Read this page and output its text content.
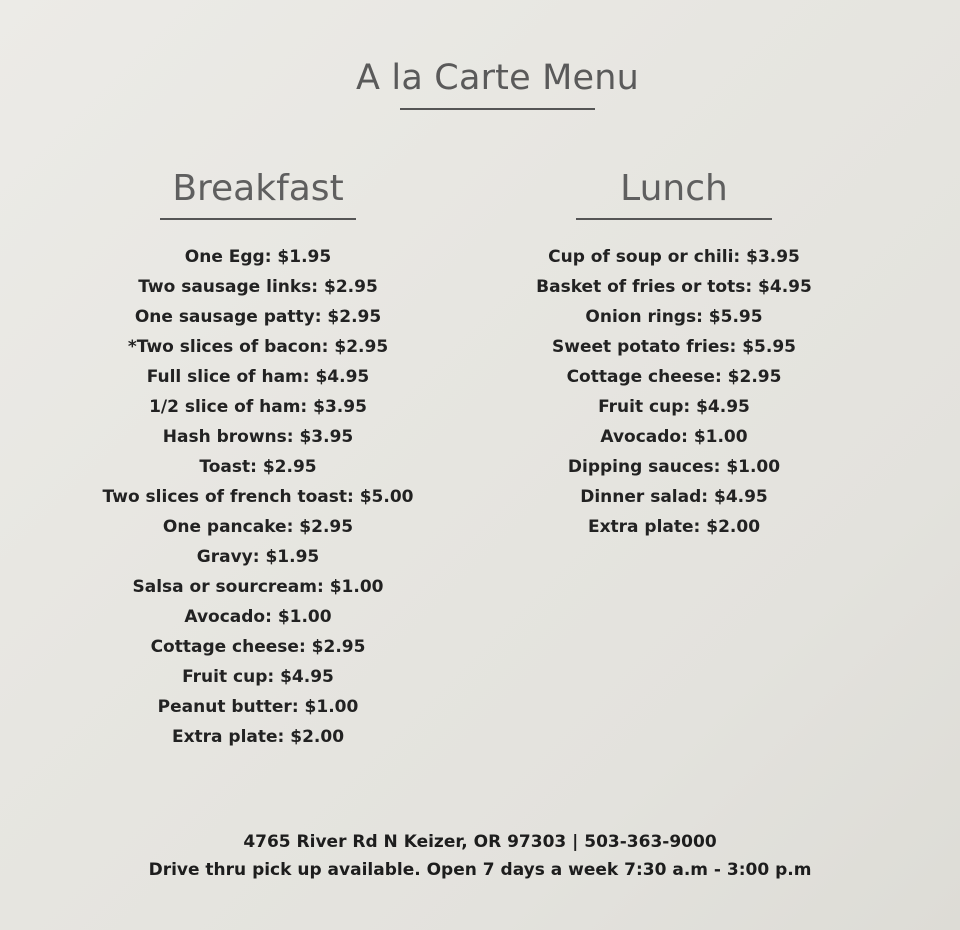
A la Carte Menu
Breakfast
One Egg: $1.95
Two sausage links: $2.95
One sausage patty: $2.95
*Two slices of bacon: $2.95
Full slice of ham: $4.95
1/2 slice of ham: $3.95
Hash browns: $3.95
Toast: $2.95
Two slices of french toast: $5.00
One pancake: $2.95
Gravy: $1.95
Salsa or sourcream: $1.00
Avocado: $1.00
Cottage cheese: $2.95
Fruit cup: $4.95
Peanut butter: $1.00
Extra plate: $2.00
Lunch
Cup of soup or chili: $3.95
Basket of fries or tots: $4.95
Onion rings: $5.95
Sweet potato fries: $5.95
Cottage cheese: $2.95
Fruit cup: $4.95
Avocado: $1.00
Dipping sauces: $1.00
Dinner salad: $4.95
Extra plate: $2.00
4765 River Rd N Keizer, OR 97303 | 503-363-9000
Drive thru pick up available. Open 7 days a week 7:30 a.m - 3:00 p.m
